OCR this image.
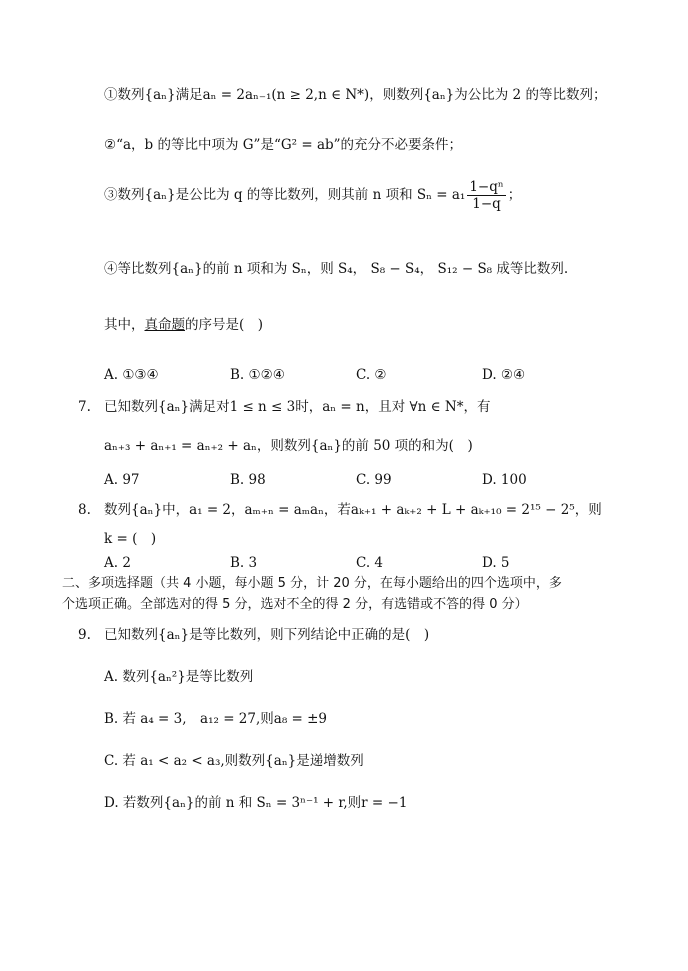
①数列{aₙ}满足aₙ = 2aₙ₋₁(n ≥ 2,n ∈ N*)，则数列{aₙ}为公比为 2 的等比数列；
②“a，b 的等比中项为 G”是“G² = ab”的充分不必要条件；
③数列{aₙ}是公比为 q 的等比数列，则其前 n 项和 $S_n = a_1 \frac{\text{1−qⁿ}}{1-q}$ ；
④等比数列{aₙ}的前 n 项和为 Sₙ，则 S₄， S₈ − S₄， S₁₂ − S₈ 成等比数列.
其中，真命题的序号是(　)
A. ①③④	B. ①②④	C. ②	D. ②④
7. 已知数列{aₙ}满足对1 ≤ n ≤ 3时，aₙ = n，且对 ∀n ∈ N*，有
aₙ₊₃ + aₙ₊₁ = aₙ₊₂ + aₙ，则数列{aₙ}的前 50 项的和为(　)
A. 97	B. 98	C. 99	D. 100
8. 数列{aₙ}中，a₁ = 2，aₘ₊ₙ = aₘaₙ，若aₖ₊₁ + aₖ₊₂ + L + aₖ₊₁₀ = 2¹⁵ − 2⁵，则
k = (　)
A. 2	B. 3	C. 4	D. 5
二、多项选择题（共 4 小题，每小题 5 分，计 20 分，在每小题给出的四个选项中，多
个选项正确。全部选对的得 5 分，选对不全的得 2 分，有选错或不答的得 0 分）
9. 已知数列{aₙ}是等比数列，则下列结论中正确的是(　)
A. 数列{aₙ²}是等比数列
B. 若 a₄ = 3,　a₁₂ = 27,则a₈ = ±9
C. 若 a₁ < a₂ < a₃,则数列{aₙ}是递增数列
D. 若数列{aₙ}的前 n 和 Sₙ = 3ⁿ⁻¹ + r,则r = −1
